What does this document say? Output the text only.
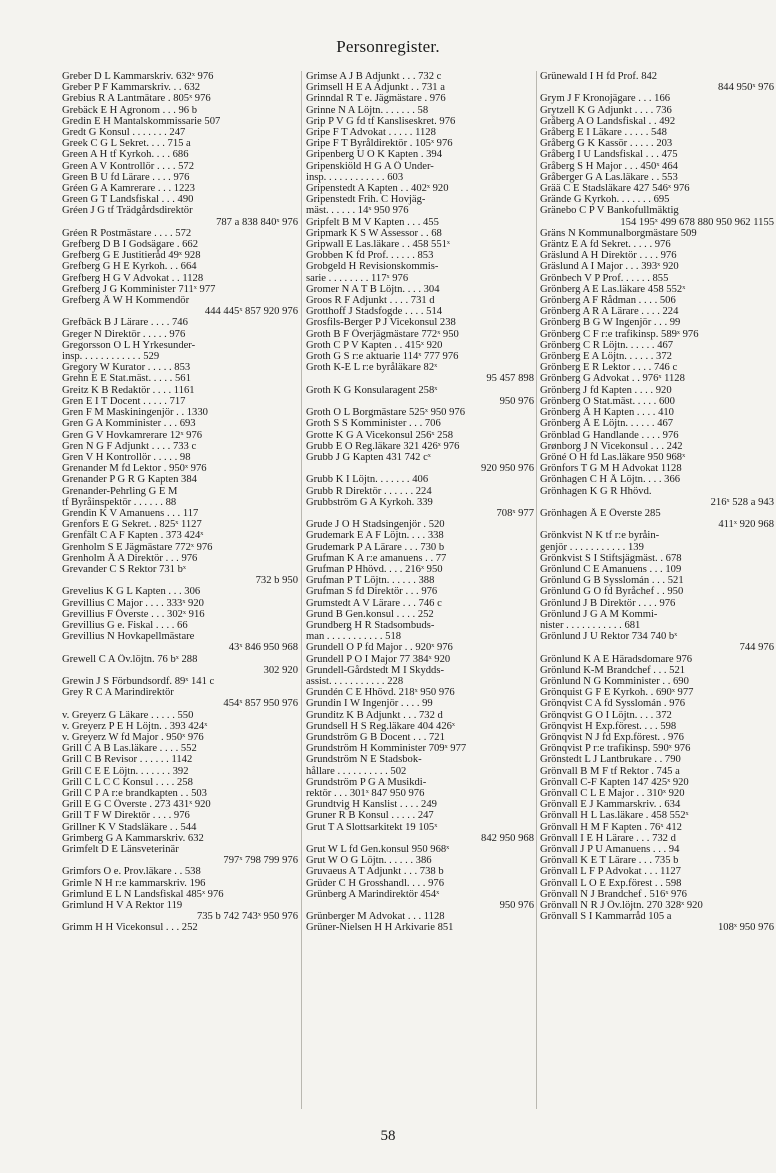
Personregister.
Greber D L Kammarskriv. 632ˣ 976
Greber P F Kammarskriv. . . 632
Grebius R A Lantmätare . 805ˣ 976
Grebäck E H Agronom . . . 96 b
Gredin E H Mantalskommissarie 507
Gredt G Konsul . . . . . . . 247
Greek C G L Sekret. . . . 715 a
Green A H tf Kyrkoh. . . . 686
Green A V Kontrollör . . . . 572
Green B U fd Lärare . . . . 976
Gréen G A Kamrerare . . . 1223
Green G T Landsfiskal . . . 490
Gréen J G tf Trädgårdsdirektör
787 a 838 840ˣ 976
Gréen R Postmästare . . . . 572
Grefberg D B I Godsägare . 662
Grefberg G E Justitieråd 49ˣ 928
Grefberg G H E Kyrkoh. . . 664
Grefberg H G V Advokat . . 1128
Grefberg J G Komminister 711ˣ 977
Grefberg Å W H Kommendör
444 445ˣ 857 920 976
Grefbäck B J Lärare . . . . 746
Greger N Direktör . . . . . 976
Gregorsson O L H Yrkesunder-
insp. . . . . . . . . . . . 529
Gregory W Kurator . . . . . 853
Grehn E E Stat.mäst. . . . . 561
Greitz K B Redaktör . . . . 1161
Gren E I T Docent . . . . . 717
Gren F M Maskiningenjör . . 1330
Gren G A Komminister . . . 693
Gren G V Hovkamrerare 12ˣ 976
Gren N G F Adjunkt . . . . 733 c
Gren V H Kontrollör . . . . . 98
Grenander M fd Lektor . 950ˣ 976
Grenander P G R G Kapten 384
Grenander-Pehrling G E M
tf Byråinspektör . . . . . . 88
Grendin K V Amanuens . . . 117
Grenfors E G Sekret. . 825ˣ 1127
Grenfält C A F Kapten . 373 424ˣ
Grenholm S E Jägmästare 772ˣ 976
Grenholm Å A Direktör . . . 976
Grevander C S Rektor 731 bˣ
732 b 950
Grevelius K G L Kapten . . . 306
Grevillius C Major . . . . 333ˣ 920
Grevillius F Överste . . . 302ˣ 916
Grevillius G e. Fiskal . . . . 66
Grevillius N Hovkapellmästare
43ˣ 846 950 968
Grewell C A Öv.löjtn. 76 bˣ 288
302 920
Grewin J S Förbundsordf. 89ˣ 141 c
Grey R C A Marindirektör
454ˣ 857 950 976
v. Greyerz G Läkare . . . . . 550
v. Greyerz P E H Löjtn. . 393 424ˣ
v. Greyerz W fd Major . 950ˣ 976
Grill C A B Las.läkare . . . . 552
Grill C B Revisor . . . . . . 1142
Grill C E E Löjtn. . . . . . . 392
Grill C L C C Konsul . . . . 258
Grill C P A r:e brandkapten . . 503
Grill E G C Överste . 273 431ˣ 920
Grill T F W Direktör . . . . 976
Grillner K V Stadsläkare . . 544
Grimberg G A Kammarskriv. 632
Grimfelt D E Länsveterinär
797ˣ 798 799 976
Grimfors O e. Prov.läkare . . 538
Grimle N H r:e kammarskriv. 196
Grimlund E L N Landsfiskal 485ˣ 976
Grimlund H V A Rektor 119
735 b 742 743ˣ 950 976
Grimm H H Vicekonsul . . . 252
Grimse A J B Adjunkt . . . 732 c
Grimsell H E A Adjunkt . . 731 a
Grinndal R T e. Jägmästare . 976
Grinne N A Löjtn. . . . . . . 58
Grip P V G fd tf Kansliseskret. 976
Gripe F T Advokat . . . . . 1128
Gripe F T Byråldirektör . 105ˣ 976
Gripenberg U O K Kapten . 394
Gripenskiöld H G A Ö Under-
insp. . . . . . . . . . . . 603
Gripenstedt A Kapten . . 402ˣ 920
Gripenstedt Frih. C Hovjäg-
mäst. . . . . . 14ˣ 950 976
Gripfelt B M V Kapten . . . 455
Gripmark K S W Assessor . . 68
Gripwall E Las.läkare . . 458 551ˣ
Grobben K fd Prof. . . . . . 853
Grobgeld H Revisionskommis-
sarie . . . . . . . . 117ˣ 976
Gromer N A T B Löjtn. . . . 304
Groos R F Adjunkt . . . . 731 d
Grotthoff J Stadsfogde . . . . 514
Grosfils-Berger P J Vicekonsul 238
Groth B F Överjägmästare 772ˣ 950
Groth C P V Kapten . . 415ˣ 920
Groth G S r:e aktuarie 114ˣ 777 976
Groth K-E L r:e byråläkare 82ˣ
95 457 898
Groth K G Konsularagent 258ˣ
950 976
Groth O L Borgmästare 525ˣ 950 976
Groth S S Komminister . . . 706
Grotte K G A Vicekonsul 256ˣ 258
Grubb E O Reg.läkare 321 426ˣ 976
Grubb J G Kapten 431 742 cˣ
920 950 976
Grubb K I Löjtn. . . . . . . 406
Grubb R Direktör . . . . . . 224
Grubbström G A Kyrkoh. 339
708ˣ 977
Grude J O H Stadsingenjör . 520
Grudemark E A F Löjtn. . . . 338
Grudemark P A Lärare . . . 730 b
Grufman K A r:e amanuens . . 77
Grufman P Hhövd. . . . 216ˣ 950
Grufman P T Löjtn. . . . . . 388
Grufman S fd Direktör . . . 976
Grumstedt A V Lärare . . . 746 c
Grund B Gen.konsul . . . . 252
Grundberg H R Stadsombuds-
man . . . . . . . . . . . 518
Grundell O P fd Major . . 920ˣ 976
Grundell P O I Major 77 384ˣ 920
Grundell-Gårdstedt M I Skydds-
assist. . . . . . . . . . . 228
Grundén C E Hhövd. 218ˣ 950 976
Grundin I W Ingenjör . . . . 99
Grunditz K B Adjunkt . . . 732 d
Grundsell H S Reg.läkare 404 426ˣ
Grundström G B Docent . . . 721
Grundström H Komminister 709ˣ 977
Grundström N E Stadsbok-
hållare . . . . . . . . . . 502
Grundström P G A Musikdi-
rektör . . . 301ˣ 847 950 976
Grundtvig H Kanslist . . . . 249
Gruner R B Konsul . . . . . 247
Grut T A Slottsarkitekt 19 105ˣ
842 950 968
Grut W L fd Gen.konsul 950 968ˣ
Grut W O G Löjtn. . . . . . 386
Gruvaeus A T Adjunkt . . . 738 b
Grüder C H Grosshandl. . . . 976
Grünberg A Marindirektör 454ˣ
950 976
Grünberger M Advokat . . . 1128
Grüner-Nielsen H H Arkivarie 851
Grünewald I H fd Prof. 842
844 950ˣ 976
Grym J F Kronojägare . . . 166
Grytzell K G Adjunkt . . . . 736
Gråberg A O Landsfiskal . . 492
Gråberg E I Läkare . . . . . 548
Gråberg G K Kassör . . . . . 203
Gråberg I U Landsfiskal . . . 475
Gråberg S H Major . . . 450ˣ 464
Gråberger G A Las.läkare . . 553
Grää C E Stadsläkare 427 546ˣ 976
Grände G Kyrkoh. . . . . . . 695
Gränebo C P V Bankofullmäktig
154 195ˣ 499 678 880 950 962 1155
Gräns N Kommunalborgmästare 509
Gräntz E A fd Sekret. . . . . 976
Gräslund A H Direktör . . . . 976
Gräslund A I Major . . . 393ˣ 920
Grönbech V P Prof. . . . . . 855
Grönberg A E Las.läkare 458 552ˣ
Grönberg A F Rådman . . . . 506
Grönberg A R A Lärare . . . . 224
Grönberg B G W Ingenjör . . . 99
Grönberg C F r:e trafikinsp. 589ˣ 976
Grönberg C R Löjtn. . . . . . 467
Grönberg E A Löjtn. . . . . . 372
Grönberg E R Lektor . . . . 746 c
Grönberg G Advokat . . 976ˣ 1128
Grönberg J fd Kapten . . . . 920
Grönberg O Stat.mäst. . . . . 600
Grönberg Å H Kapten . . . . 410
Grönberg Å E Löjtn. . . . . . 467
Grönblad G Handlande . . . . 976
Grønborg J N Vicekonsul . . . 242
Gröné O H fd Las.läkare 950 968ˣ
Grönfors T G M H Advokat 1128
Grönhagen C H Å Löjtn. . . . 366
Grönhagen K G R Hhövd.
216ˣ 528 a 943
Grönhagen Å E Överste 285
411ˣ 920 968
Grönkvist N K tf r:e byråin-
genjör . . . . . . . . . . . 139
Grönkvist S I Stiftsjägmäst. . 678
Grönlund C E Amanuens . . . 109
Grönlund G B Sysslomán . . . 521
Grönlund G O fd Byråchef . . 950
Grönlund J B Direktör . . . . 976
Grönlund J G A M Kommi-
nister . . . . . . . . . . . 681
Grönlund J U Rektor 734 740 bˣ
744 976
Grönlund K A E Häradsdomare 976
Grönlund K-M Brandchef . . . 521
Grönlund N G Komminister . . 690
Grönquist G F E Kyrkoh. . 690ˣ 977
Grönqvist C A fd Sysslomán . 976
Grönqvist G O I Löjtn. . . . 372
Grönqvist H Exp.förest. . . . 598
Grönqvist N J fd Exp.förest. . 976
Grönqvist P r:e trafikinsp. 590ˣ 976
Grönstedt L J Lantbrukare . . 790
Grönvall B M F tf Rektor . 745 a
Grönvall C-F Kapten 147 425ˣ 920
Grönvall C L E Major . . 310ˣ 920
Grönvall E J Kammarskriv. . 634
Grönvall H L Las.läkare . 458 552ˣ
Grönvall H M F Kapten . 76ˣ 412
Grönvall I E H Lärare . . . 732 d
Grönvall J P U Amanuens . . . 94
Grönvall K E T Lärare . . . 735 b
Grönvall L F P Advokat . . . 1127
Grönvall L O E Exp.förest . . 598
Grönvall N J Brandchef . 516ˣ 976
Grönvall N R J Öv.löjtn. 270 328ˣ 920
Grönvall S I Kammarråd 105 a
108ˣ 950 976
58
